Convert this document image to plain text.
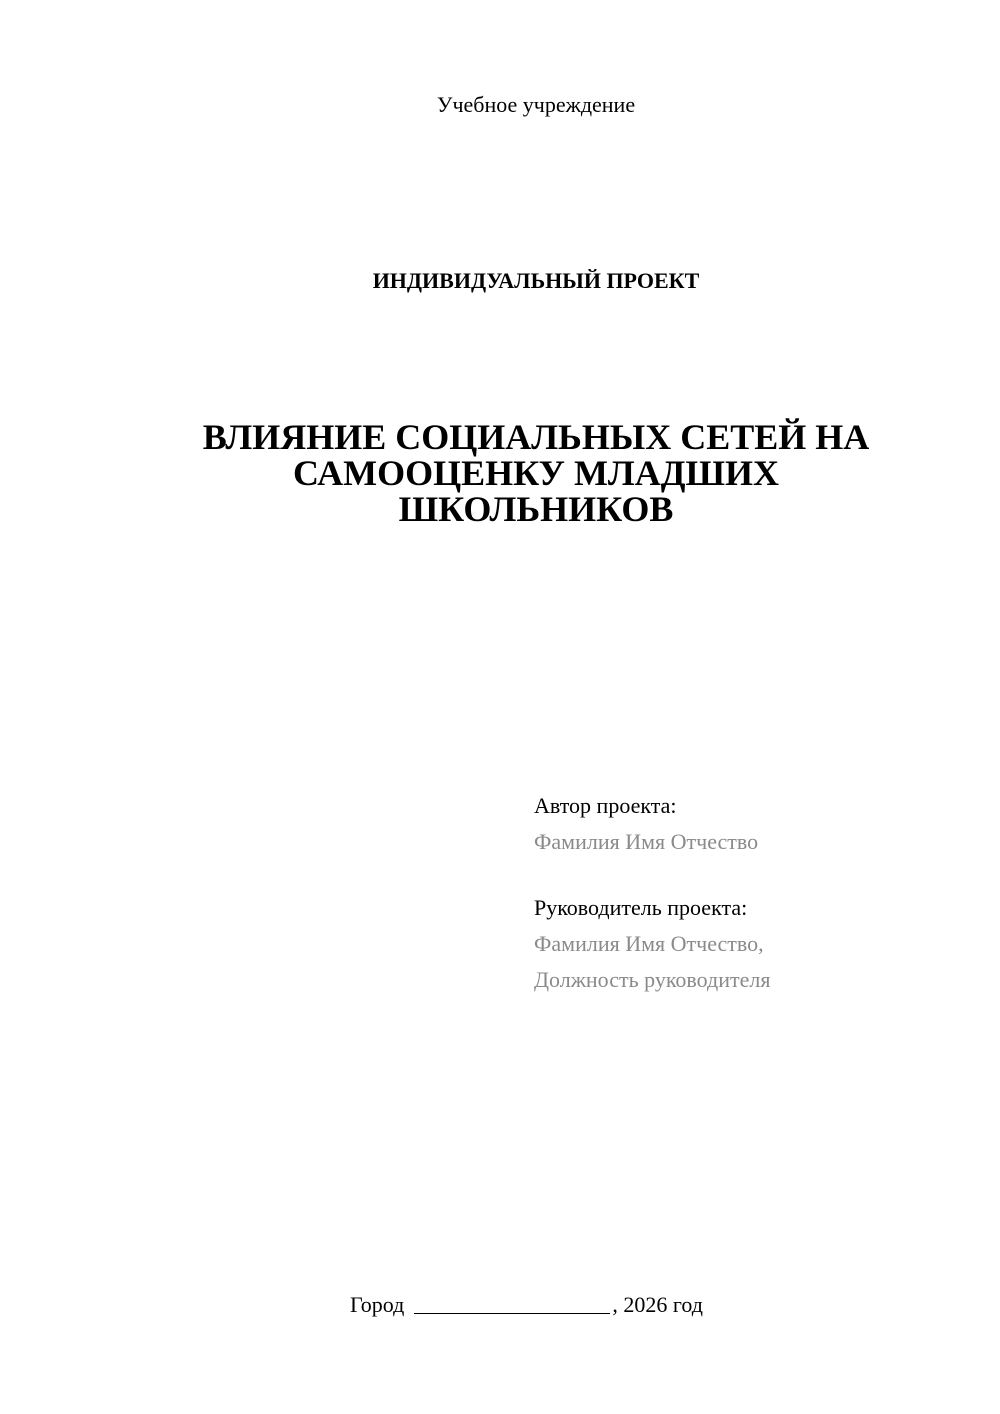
Учебное учреждение
ИНДИВИДУАЛЬНЫЙ ПРОЕКТ
ВЛИЯНИЕ СОЦИАЛЬНЫХ СЕТЕЙ НА
САМООЦЕНКУ МЛАДШИХ
ШКОЛЬНИКОВ
Автор проекта:
Фамилия Имя Отчество
Руководитель проекта:
Фамилия Имя Отчество,
Должность руководителя
Город	, 2026 год
